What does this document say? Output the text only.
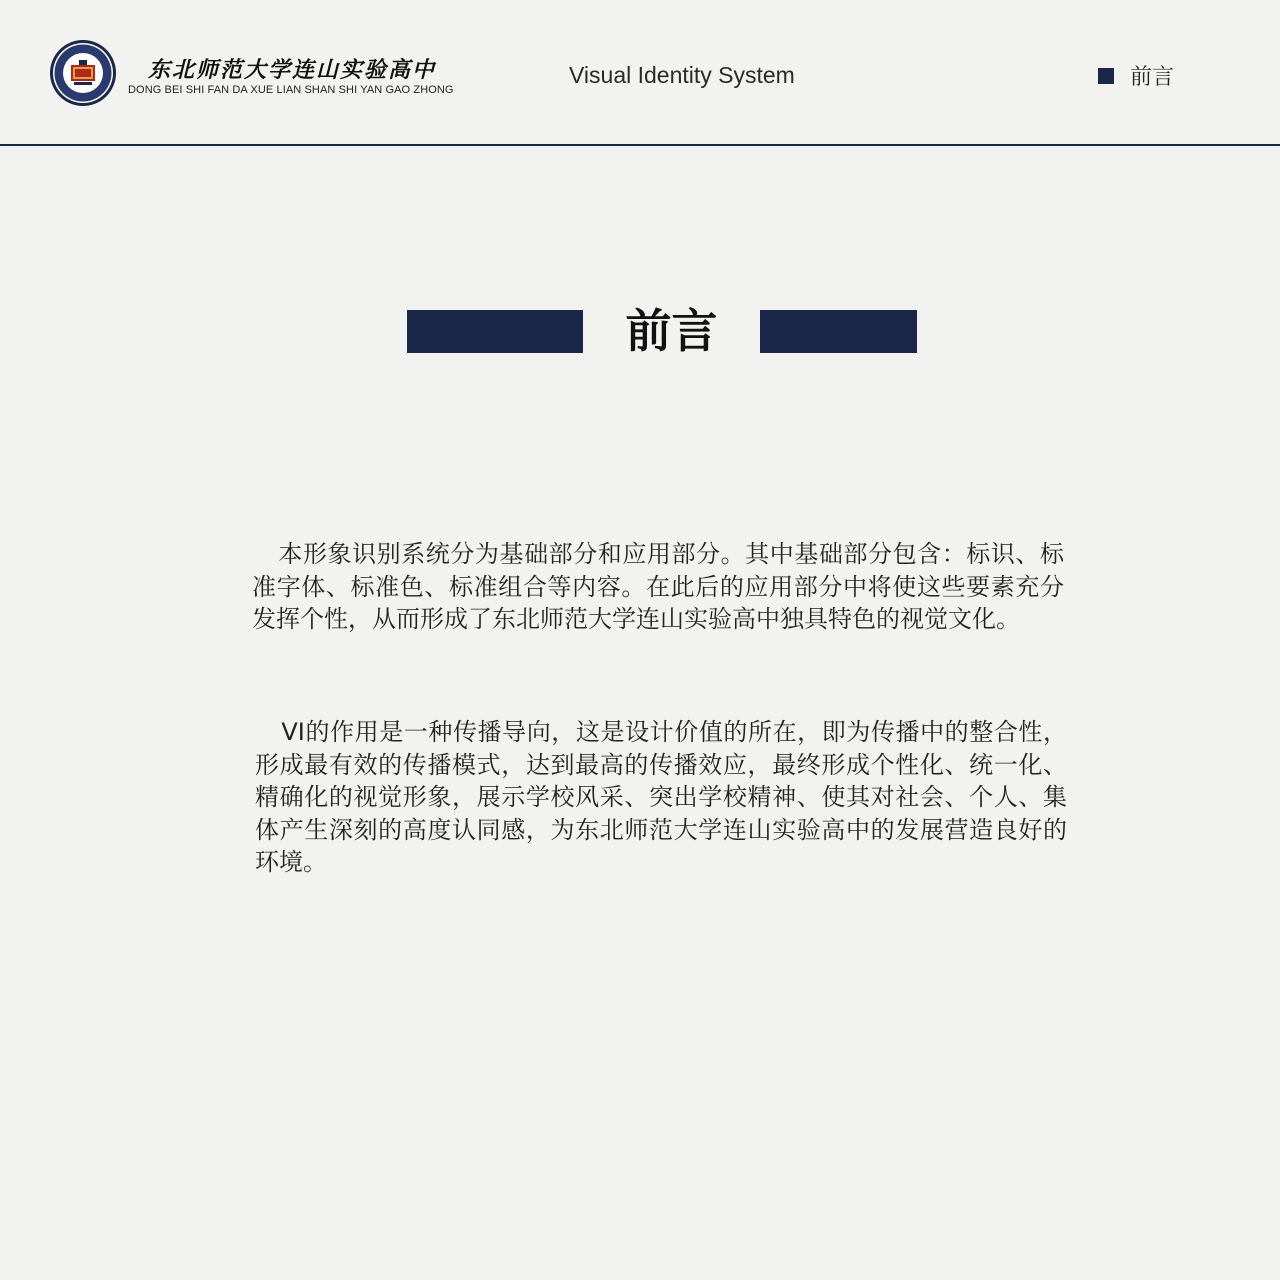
东北师范大学连山实验高中
DONG BEI SHI FAN DA XUE LIAN SHAN SHI YAN GAO ZHONG
Visual Identity System	前言
前言

本形象识别系统分为基础部分和应用部分。其中基础部分包含：标识、标准字体、标准色、标准组合等内容。在此后的应用部分中将使这些要素充分发挥个性，从而形成了东北师范大学连山实验高中独具特色的视觉文化。

VI的作用是一种传播导向，这是设计价值的所在，即为传播中的整合性，形成最有效的传播模式，达到最高的传播效应，最终形成个性化、统一化、精确化的视觉形象，展示学校风采、突出学校精神、使其对社会、个人、集体产生深刻的高度认同感，为东北师范大学连山实验高中的发展营造良好的环境。
